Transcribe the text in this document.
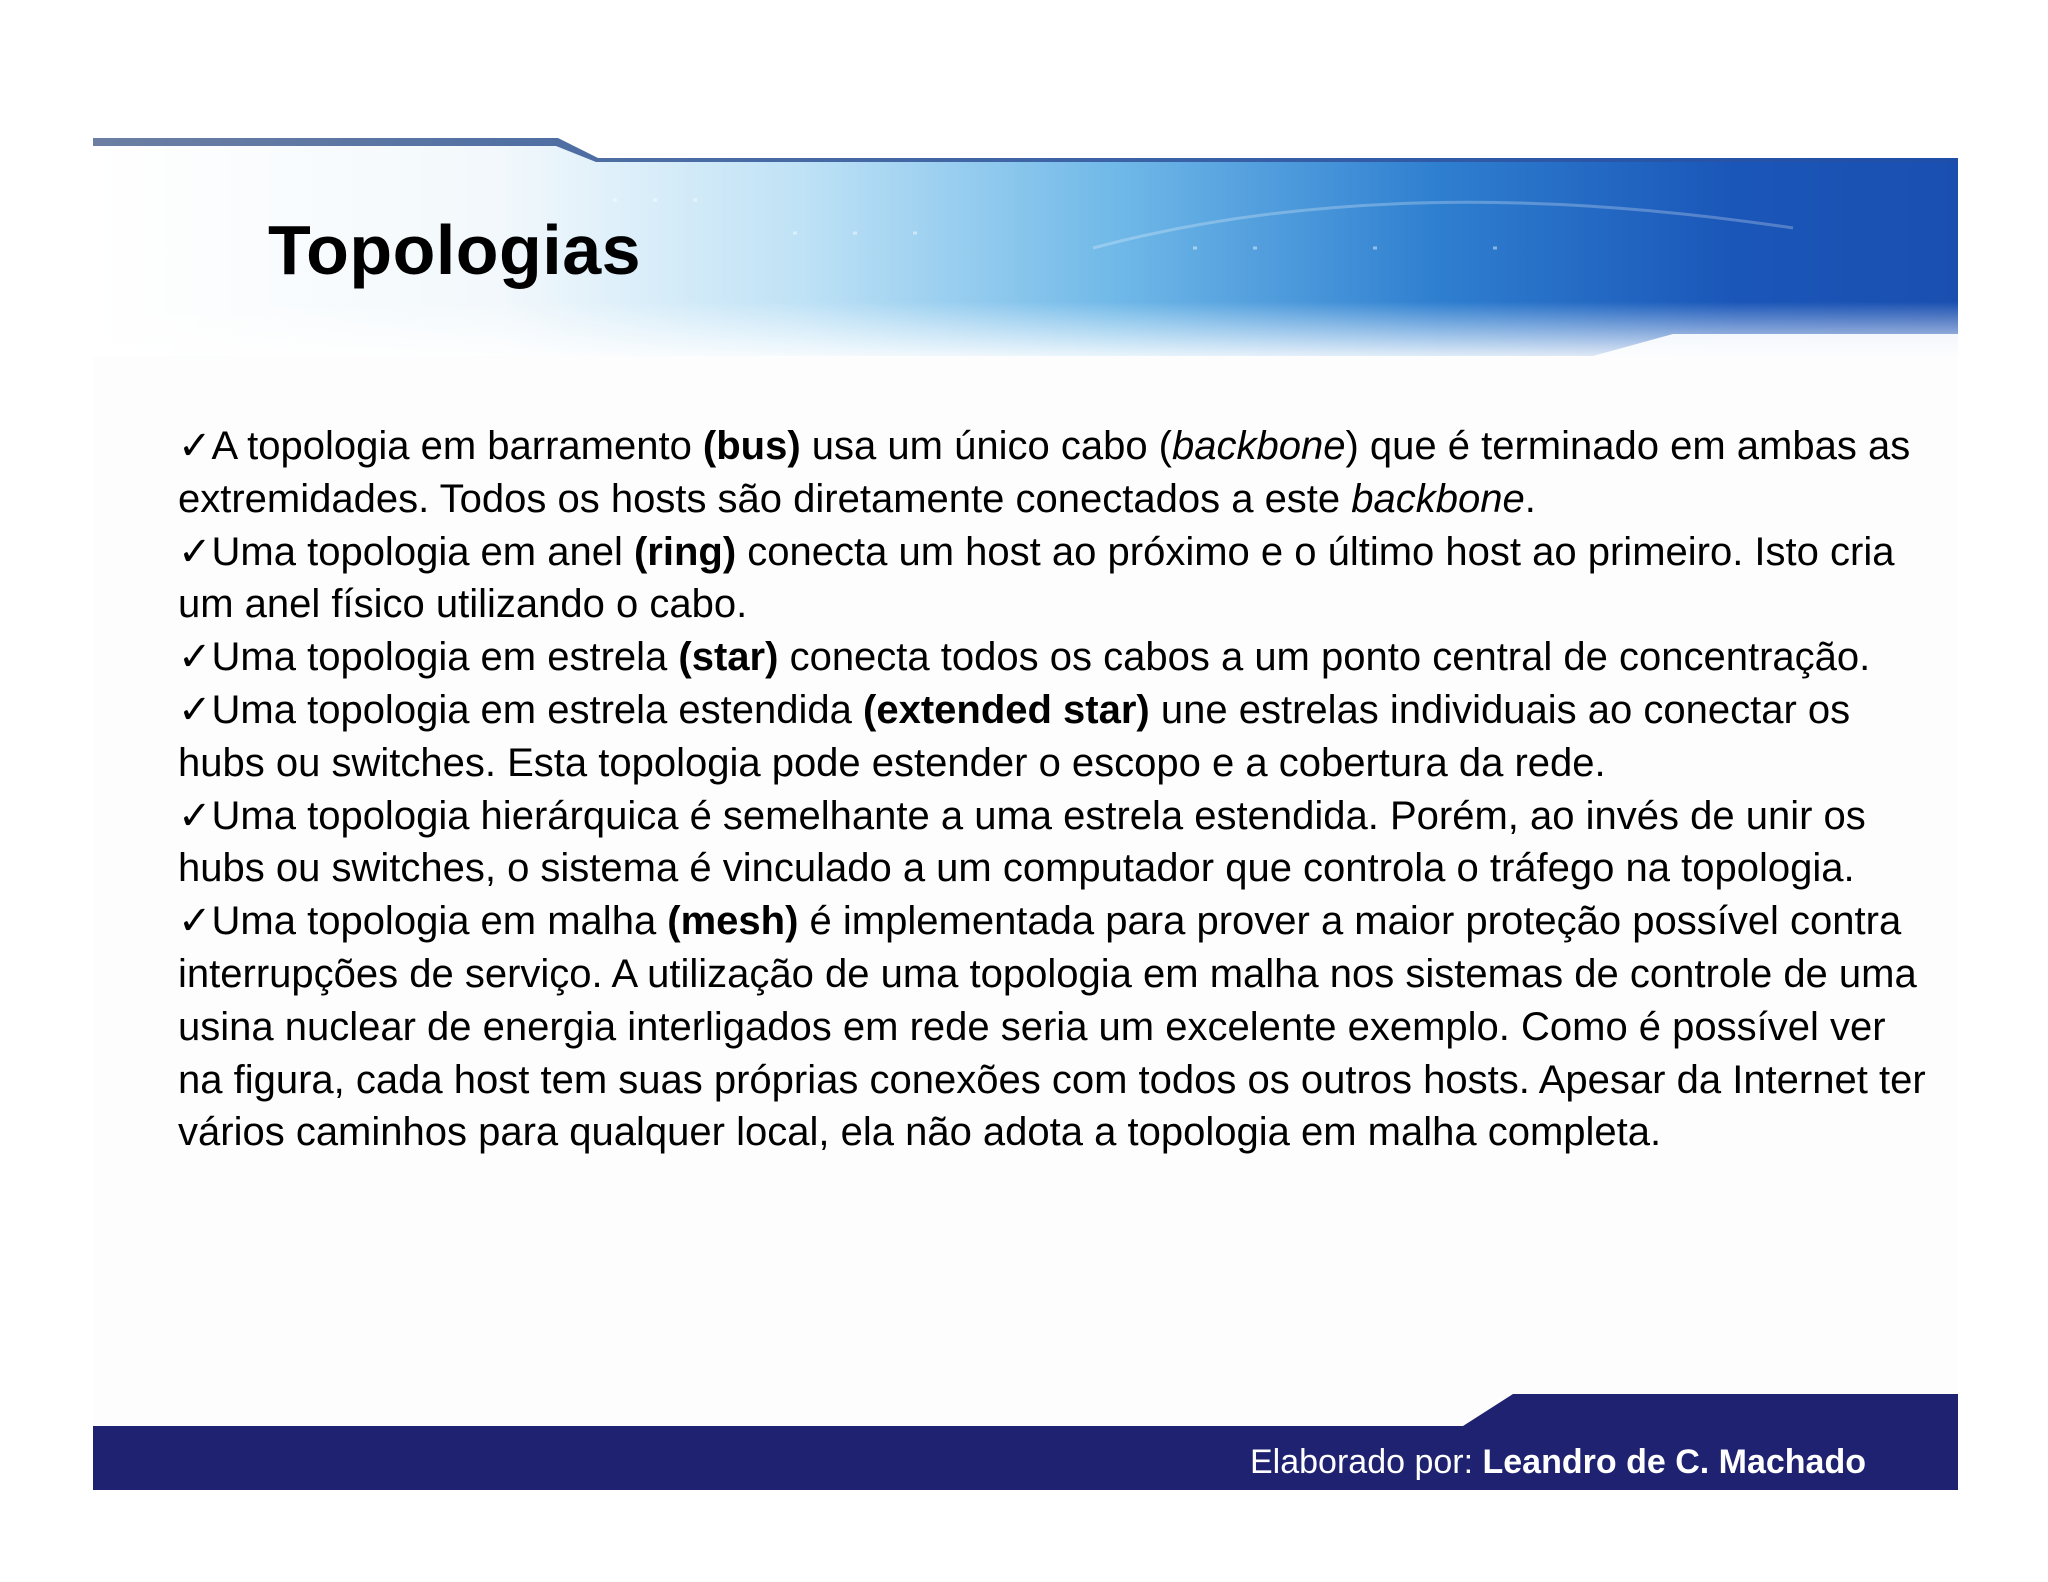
Topologias

✓A topologia em barramento (bus) usa um único cabo (backbone) que é terminado em ambas as extremidades. Todos os hosts são diretamente conectados a este backbone.

✓Uma topologia em anel (ring) conecta um host ao próximo e o último host ao primeiro. Isto cria um anel físico utilizando o cabo.

✓Uma topologia em estrela (star) conecta todos os cabos a um ponto central de concentração.

✓Uma topologia em estrela estendida (extended star) une estrelas individuais ao conectar os hubs ou switches. Esta topologia pode estender o escopo e a cobertura da rede.

✓Uma topologia hierárquica é semelhante a uma estrela estendida. Porém, ao invés de unir os hubs ou switches, o sistema é vinculado a um computador que controla o tráfego na topologia.

✓Uma topologia em malha (mesh) é implementada para prover a maior proteção possível contra interrupções de serviço. A utilização de uma topologia em malha nos sistemas de controle de uma usina nuclear de energia interligados em rede seria um excelente exemplo. Como é possível ver na figura, cada host tem suas próprias conexões com todos os outros hosts. Apesar da Internet ter vários caminhos para qualquer local, ela não adota a topologia em malha completa.

Elaborado por: Leandro de C. Machado
